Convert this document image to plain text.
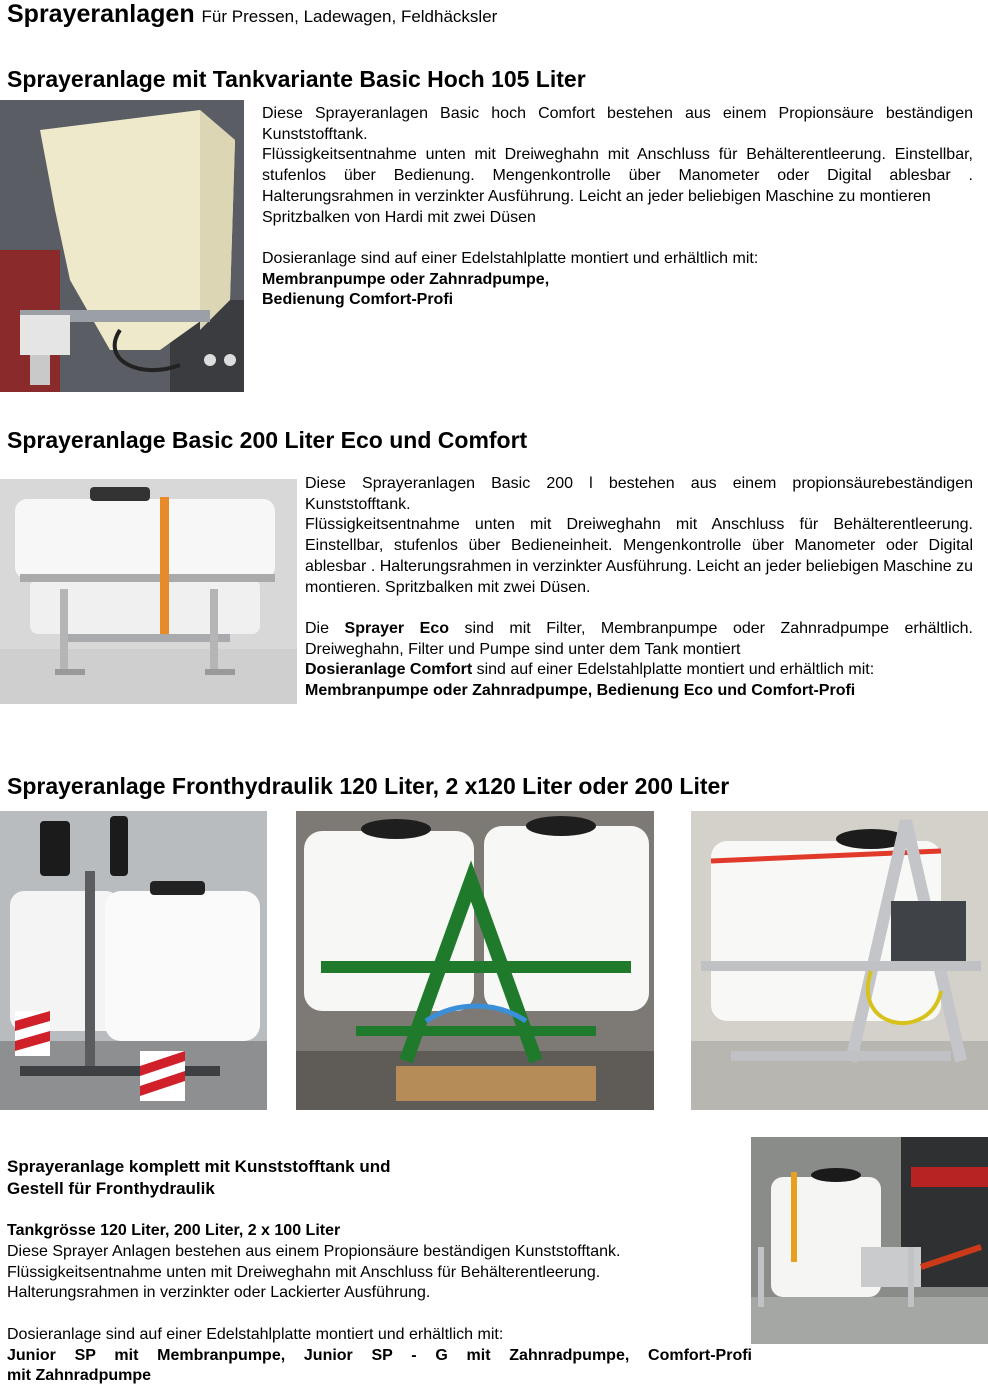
Sprayeranlagen Für Pressen, Ladewagen, Feldhäcksler
Sprayeranlage mit Tankvariante Basic Hoch 105 Liter

Diese Sprayeranlagen Basic hoch Comfort bestehen aus einem Propionsäure beständigen Kunststofftank.

Flüssigkeitsentnahme unten mit Dreiweghahn mit Anschluss für Behälterentleerung. Einstellbar, stufenlos über Bedienung. Mengenkontrolle über Manometer oder Digital ablesbar . Halterungsrahmen in verzinkter Ausführung. Leicht an jeder beliebigen Maschine zu montieren

Spritzbalken von Hardi mit zwei Düsen

Dosieranlage sind auf einer Edelstahlplatte montiert und erhältlich mit:

Membranpumpe oder Zahnradpumpe,

Bedienung Comfort-Profi

Sprayeranlage Basic 200 Liter Eco und Comfort

Diese Sprayeranlagen Basic 200 l bestehen aus einem propionsäurebeständigen Kunststofftank.

Flüssigkeitsentnahme unten mit Dreiweghahn mit Anschluss für Behälterentleerung. Einstellbar, stufenlos über Bedieneinheit. Mengenkontrolle über Manometer oder Digital ablesbar . Halterungsrahmen in verzinkter Ausführung. Leicht an jeder beliebigen Maschine zu montieren. Spritzbalken mit zwei Düsen.

Die Sprayer Eco sind mit Filter, Membranpumpe oder Zahnradpumpe erhältlich. Dreiweghahn, Filter und Pumpe sind unter dem Tank montiert

Dosieranlage Comfort sind auf einer Edelstahlplatte montiert und erhältlich mit:

Membranpumpe oder Zahnradpumpe, Bedienung Eco und Comfort-Profi

Sprayeranlage Fronthydraulik 120 Liter, 2 x120 Liter oder 200 Liter

Sprayeranlage komplett mit Kunststofftank und

Gestell für Fronthydraulik

Tankgrösse 120 Liter, 200 Liter, 2 x 100 Liter

Diese Sprayer Anlagen bestehen aus einem Propionsäure beständigen Kunststofftank.

Flüssigkeitsentnahme unten mit Dreiweghahn mit Anschluss für Behälterentleerung.

Halterungsrahmen in verzinkter oder Lackierter Ausführung.

Dosieranlage sind auf einer Edelstahlplatte montiert und erhältlich mit:

Junior SP mit Membranpumpe, Junior SP - G mit Zahnradpumpe, Comfort-Profi

mit Zahnradpumpe
